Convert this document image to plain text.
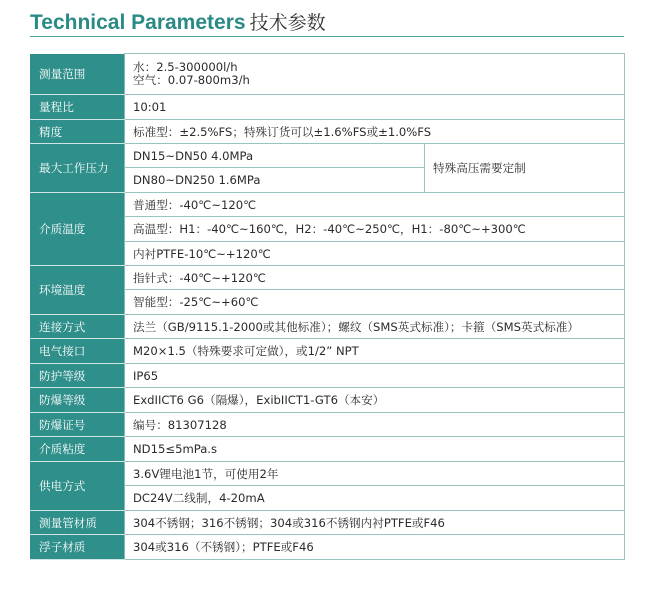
Technical Parameters 技术参数
测量范围	水：2.5-300000l/h
空气：0.07-800m3/h	

量程比	10:01	
精度	标准型：±2.5%FS；特殊订货可以±1.6%FS或±1.0%FS	
最大工作压力	DN15~DN50 4.0MPa	特殊高压需要定制
	DN80~DN250 1.6MPa	
介质温度	普通型：-40℃~120℃	
	高温型：H1：-40℃~160℃，H2：-40℃~250℃，H1：-80℃~+300℃	
	内衬PTFE-10℃~+120℃	
环境温度	指针式：-40℃~+120℃	
	智能型：-25℃~+60℃	
连接方式	法兰（GB/9115.1-2000或其他标准）；螺纹（SMS英式标准）；卡箍（SMS英式标准）	
电气接口	M20×1.5（特殊要求可定做），或1/2” NPT	
防护等级	IP65	
防爆等级	ExdIICT6 G6（隔爆），ExibIICT1-GT6（本安）	
防爆证号	编号：81307128	
介质粘度	ND15≤5mPa.s	
供电方式	3.6V锂电池1节，可使用2年	
	DC24V二线制，4-20mA	
测量管材质	304不锈钢；316不锈钢；304或316不锈钢内衬PTFE或F46	
浮子材质	304或316（不锈钢）；PTFE或F46	
